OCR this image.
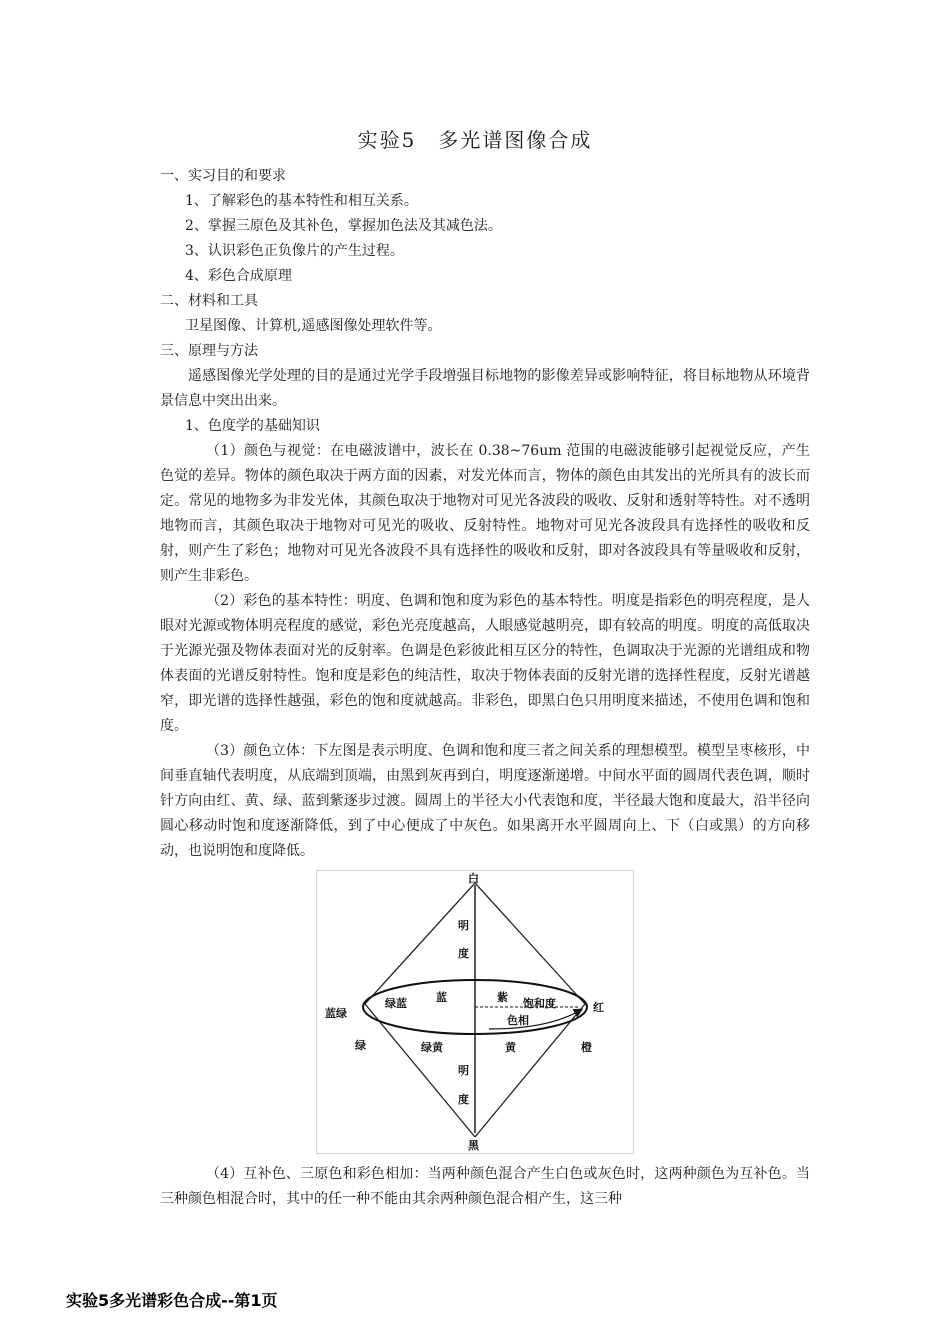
实验5　多光谱图像合成
一、实习目的和要求
1、了解彩色的基本特性和相互关系。
2、掌握三原色及其补色，掌握加色法及其减色法。
3、认识彩色正负像片的产生过程。
4、彩色合成原理
二、材料和工具
卫星图像、计算机,遥感图像处理软件等。
三、原理与方法
遥感图像光学处理的目的是通过光学手段增强目标地物的影像差异或影响特征，将目标地物从环境背景信息中突出出来。
1、色度学的基础知识
（1）颜色与视觉：在电磁波谱中，波长在 0.38~76um 范围的电磁波能够引起视觉反应，产生色觉的差异。物体的颜色取决于两方面的因素，对发光体而言，物体的颜色由其发出的光所具有的波长而定。常见的地物多为非发光体，其颜色取决于地物对可见光各波段的吸收、反射和透射等特性。对不透明地物而言，其颜色取决于地物对可见光的吸收、反射特性。地物对可见光各波段具有选择性的吸收和反射，则产生了彩色；地物对可见光各波段不具有选择性的吸收和反射，即对各波段具有等量吸收和反射，则产生非彩色。
（2）彩色的基本特性：明度、色调和饱和度为彩色的基本特性。明度是指彩色的明亮程度，是人眼对光源或物体明亮程度的感觉，彩色光亮度越高，人眼感觉越明亮，即有较高的明度。明度的高低取决于光源光强及物体表面对光的反射率。色调是色彩彼此相互区分的特性，色调取决于光源的光谱组成和物体表面的光谱反射特性。饱和度是彩色的纯洁性，取决于物体表面的反射光谱的选择性程度，反射光谱越窄，即光谱的选择性越强，彩色的饱和度就越高。非彩色，即黑白色只用明度来描述，不使用色调和饱和度。
（3）颜色立体：下左图是表示明度、色调和饱和度三者之间关系的理想模型。模型呈枣核形，中间垂直轴代表明度，从底端到顶端，由黑到灰再到白，明度逐渐递增。中间水平面的圆周代表色调，顺时针方向由红、黄、绿、蓝到紫逐步过渡。圆周上的半径大小代表饱和度，半径最大饱和度最大，沿半径向圆心移动时饱和度逐渐降低，到了中心便成了中灰色。如果离开水平圆周向上、下（白或黑）的方向移动，也说明饱和度降低。
白
黑
明
度
明
度
蓝绿
绿
红
橙
绿蓝	蓝	紫 饱和度
色相
绿黄	黄
（4）互补色、三原色和彩色相加：当两种颜色混合产生白色或灰色时，这两种颜色为互补色。当三种颜色相混合时，其中的任一种不能由其余两种颜色混合相产生，这三种
实验5多光谱彩色合成--第1页
